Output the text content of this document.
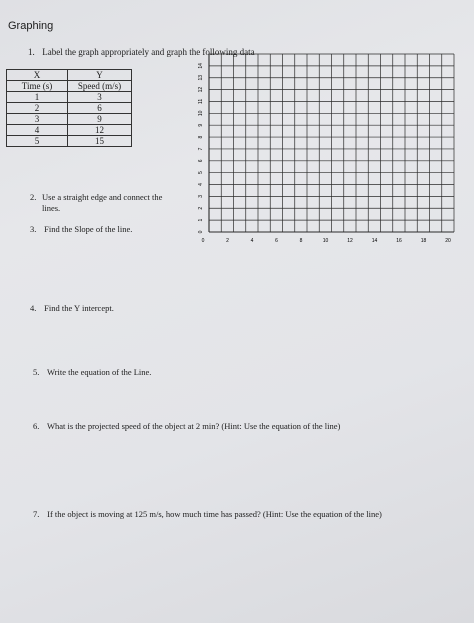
Graphing
1. Label the graph appropriately and graph the following data
X	Y
Time (s)	Speed (m/s)
1	3
2	6
3	9
4	12
5	15
0
1
2
3
4
5
6
7
8
9
10
11
12
13
14
0	2	4	6	8	10	12	14	16	18	20
2. Use a straight edge and connect the lines.
3. Find the Slope of the line.
4. Find the Y intercept.
5. Write the equation of the Line.
6. What is the projected speed of the object at 2 min? (Hint: Use the equation of the line)
7. If the object is moving at 125 m/s, how much time has passed? (Hint: Use the equation of the line)
